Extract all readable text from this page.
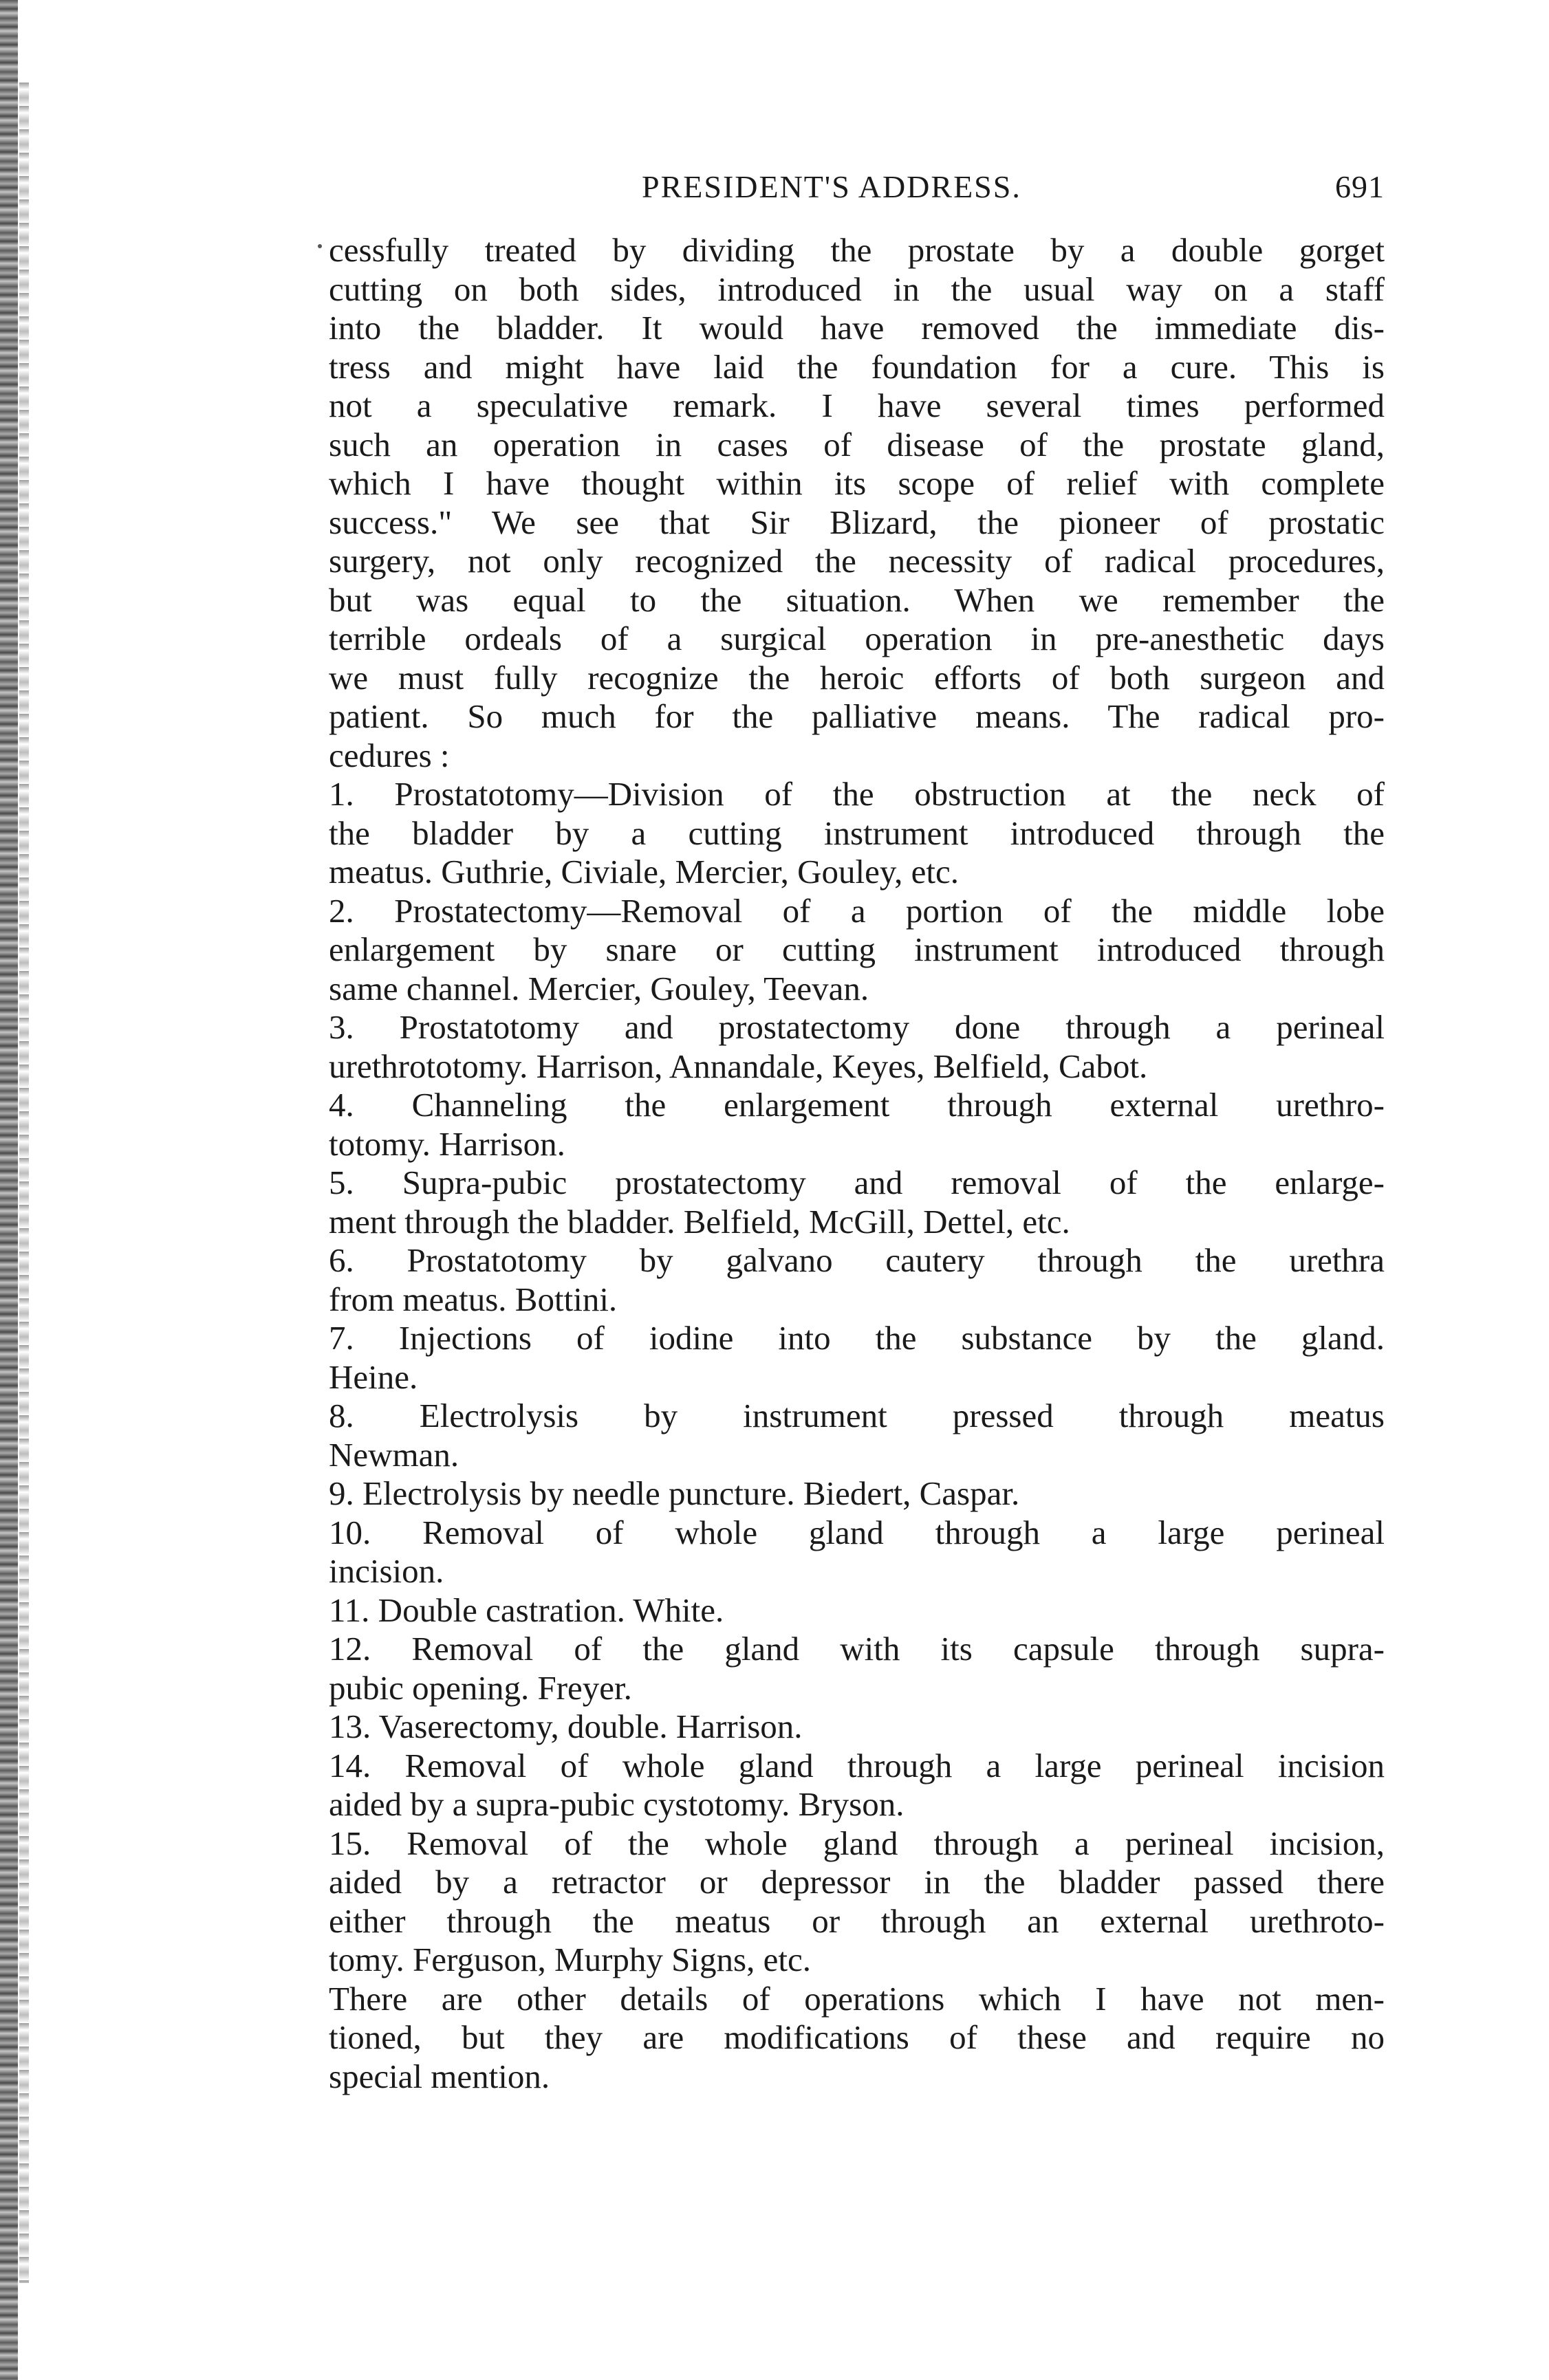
PRESIDENT'S ADDRESS.	691
cessfully treated by dividing the prostate by a double gorget
cutting on both sides, introduced in the usual way on a staff
into the bladder. It would have removed the immediate dis-
tress and might have laid the foundation for a cure. This is
not a speculative remark. I have several times performed
such an operation in cases of disease of the prostate gland,
which I have thought within its scope of relief with complete
success." We see that Sir Blizard, the pioneer of prostatic
surgery, not only recognized the necessity of radical procedures,
but was equal to the situation. When we remember the
terrible ordeals of a surgical operation in pre-anesthetic days
we must fully recognize the heroic efforts of both surgeon and
patient. So much for the palliative means. The radical pro-
cedures :
1. Prostatotomy—Division of the obstruction at the neck of
the bladder by a cutting instrument introduced through the
meatus. Guthrie, Civiale, Mercier, Gouley, etc.
2. Prostatectomy—Removal of a portion of the middle lobe
enlargement by snare or cutting instrument introduced through
same channel. Mercier, Gouley, Teevan.
3. Prostatotomy and prostatectomy done through a perineal
urethrototomy. Harrison, Annandale, Keyes, Belfield, Cabot.
4. Channeling the enlargement through external urethro-
totomy. Harrison.
5. Supra-pubic prostatectomy and removal of the enlarge-
ment through the bladder. Belfield, McGill, Dettel, etc.
6. Prostatotomy by galvano cautery through the urethra
from meatus. Bottini.
7. Injections of iodine into the substance by the gland.
Heine.
8. Electrolysis by instrument pressed through meatus
Newman.
9. Electrolysis by needle puncture. Biedert, Caspar.
10. Removal of whole gland through a large perineal
incision.
11. Double castration. White.
12. Removal of the gland with its capsule through supra-
pubic opening. Freyer.
13. Vaserectomy, double. Harrison.
14. Removal of whole gland through a large perineal incision
aided by a supra-pubic cystotomy. Bryson.
15. Removal of the whole gland through a perineal incision,
aided by a retractor or depressor in the bladder passed there
either through the meatus or through an external urethroto-
tomy. Ferguson, Murphy Signs, etc.
There are other details of operations which I have not men-
tioned, but they are modifications of these and require no
special mention.
